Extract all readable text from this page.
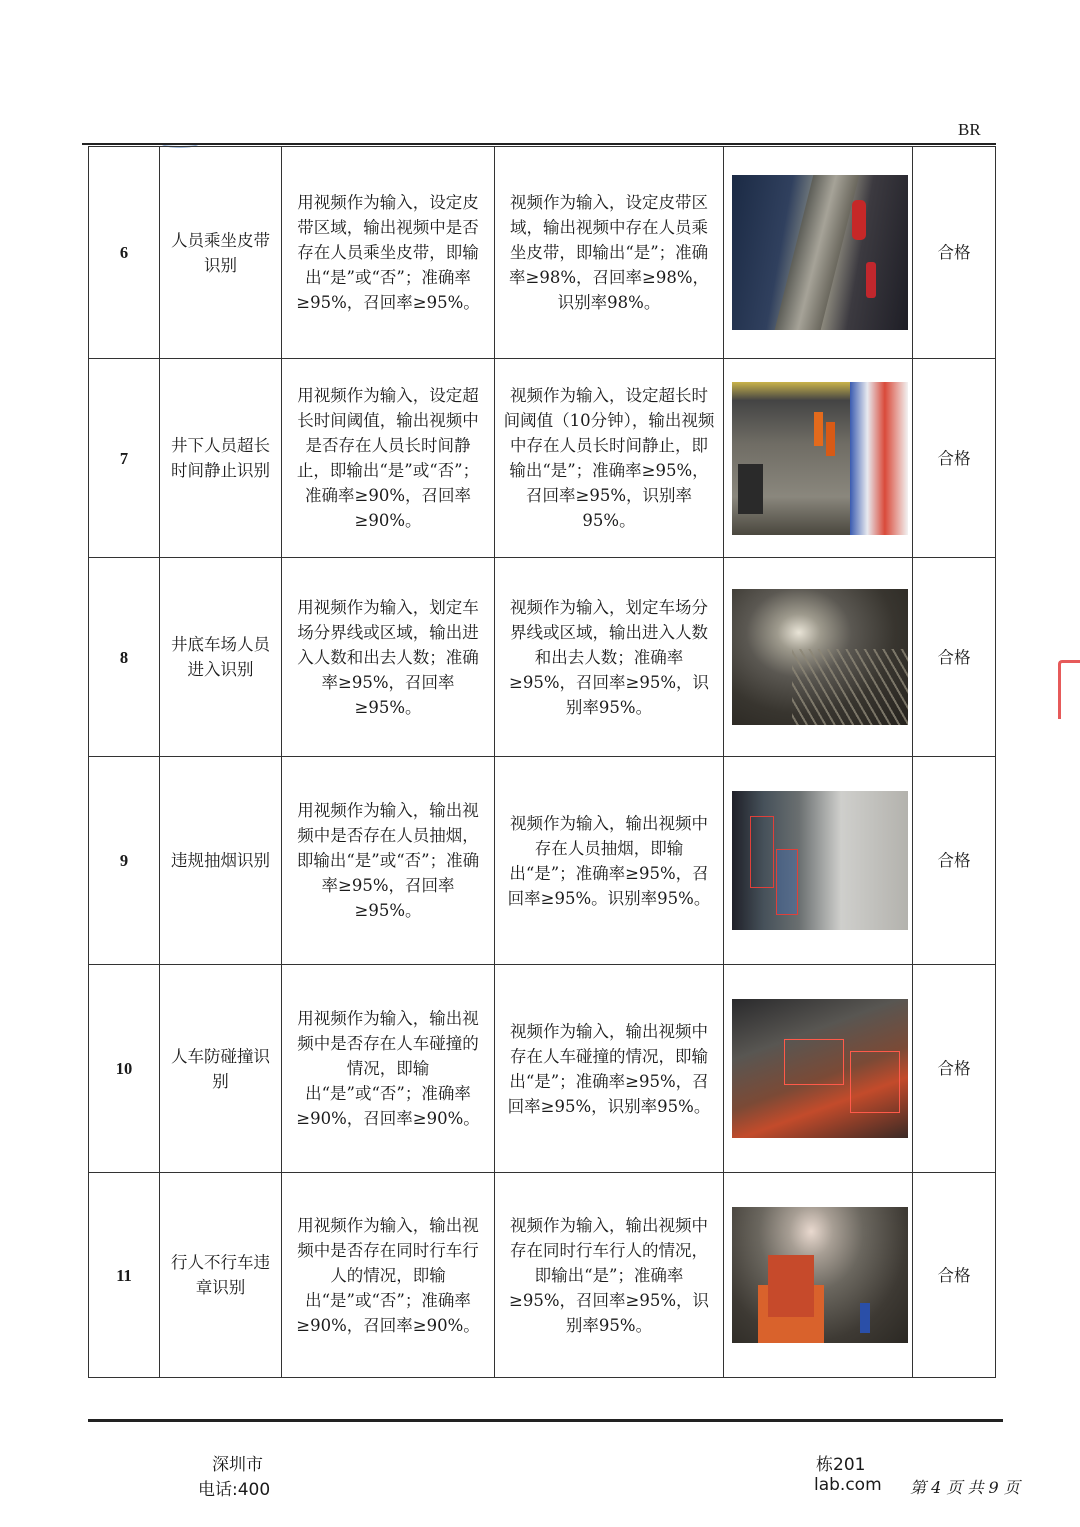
BR
6	人员乘坐皮带识别	用视频作为输入，设定皮带区域，输出视频中是否存在人员乘坐皮带，即输出“是”或“否”；准确率≥95%，召回率≥95%。	视频作为输入，设定皮带区域，输出视频中存在人员乘坐皮带，即输出“是”；准确率≥98%，召回率≥98%，识别率98%。		合格
7	井下人员超长时间静止识别	用视频作为输入，设定超长时间阈值，输出视频中是否存在人员长时间静止，即输出“是”或“否”；准确率≥90%，召回率≥90%。	视频作为输入，设定超长时间阈值（10分钟），输出视频中存在人员长时间静止，即输出“是”；准确率≥95%，召回率≥95%，识别率95%。		合格
8	井底车场人员进入识别	用视频作为输入，划定车场分界线或区域，输出进入人数和出去人数；准确率≥95%，召回率≥95%。	视频作为输入，划定车场分界线或区域，输出进入人数和出去人数；准确率≥95%，召回率≥95%，识别率95%。		合格
9	违规抽烟识别	用视频作为输入，输出视频中是否存在人员抽烟，即输出“是”或“否”；准确率≥95%，召回率≥95%。	视频作为输入，输出视频中存在人员抽烟，即输出“是”；准确率≥95%，召回率≥95%。识别率95%。		合格
10	人车防碰撞识别	用视频作为输入，输出视频中是否存在人车碰撞的情况，即输出“是”或“否”；准确率≥90%，召回率≥90%。	视频作为输入，输出视频中存在人车碰撞的情况，即输出“是”；准确率≥95%，召回率≥95%，识别率95%。		合格
11	行人不行车违章识别	用视频作为输入，输出视频中是否存在同时行车行人的情况，即输出“是”或“否”；准确率≥90%，召回率≥90%。	视频作为输入，输出视频中存在同时行车行人的情况，即输出“是”；准确率≥95%，召回率≥95%，识别率95%。		合格
深圳市
电话:400
栋201
lab.com 第 4 页 共 9 页
